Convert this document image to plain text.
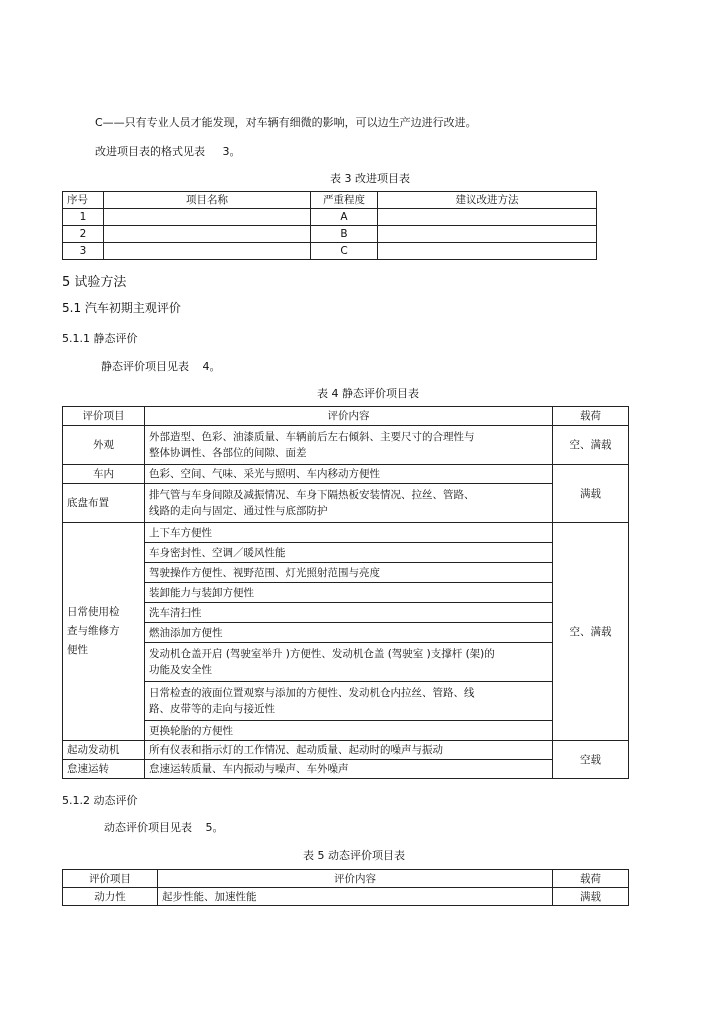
C——只有专业人员才能发现，对车辆有细微的影响，可以边生产边进行改进。
改进项目表的格式见表 3。
表 3 改进项目表
序号	项目名称	严重程度	建议改进方法
1		A	
2		B	
3		C	
5 试验方法
5.1 汽车初期主观评价
5.1.1 静态评价
静态评价项目见表 4。
表 4 静态评价项目表
评价项目	评价内容	载荷
外观	外部造型、色彩、油漆质量、车辆前后左右倾斜、主要尺寸的合理性与
整体协调性、各部位的间隙、面差	空、满载
车内	色彩、空间、气味、采光与照明、车内移动方便性	满载
底盘布置	排气管与车身间隙及减振情况、车身下隔热板安装情况、拉丝、管路、
线路的走向与固定、通过性与底部防护	

日常使用检
查与维修方
便性	上下车方便性	空、满载
	车身密封性、空调／暖风性能	
	驾驶操作方便性、视野范围、灯光照射范围与亮度	
	装卸能力与装卸方便性	
	洗车清扫性	
	燃油添加方便性	

	发动机仓盖开启 (驾驶室举升 )方便性、发动机仓盖 (驾驶室 )支撑杆 (架)的
功能及安全性	

	日常检查的液面位置观察与添加的方便性、发动机仓内拉丝、管路、线
路、皮带等的走向与接近性	

	更换轮胎的方便性	
起动发动机	所有仪表和指示灯的工作情况、起动质量、起动时的噪声与振动	空载
怠速运转	怠速运转质量、车内振动与噪声、车外噪声	
5.1.2 动态评价
动态评价项目见表 5。
表 5 动态评价项目表
评价项目	评价内容	载荷
动力性	起步性能、加速性能	满载
